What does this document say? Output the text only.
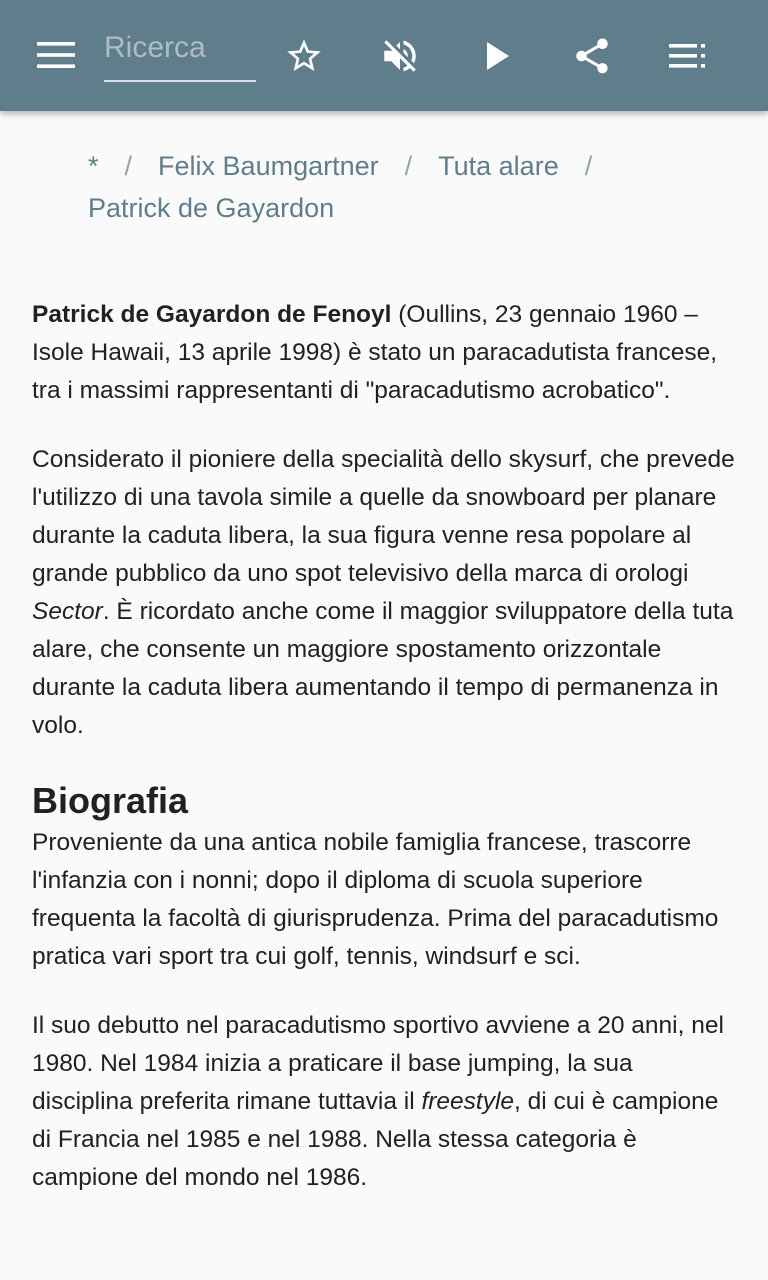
Ricerca
* / Felix Baumgartner / Tuta alare /
Patrick de Gayardon

Patrick de Gayardon de Fenoyl (Oullins, 23 gennaio 1960 – Isole Hawaii, 13 aprile 1998) è stato un paracadutista francese, tra i massimi rappresentanti di "paracadutismo acrobatico".

Considerato il pioniere della specialità dello skysurf, che prevede l'utilizzo di una tavola simile a quelle da snowboard per planare durante la caduta libera, la sua figura venne resa popolare al grande pubblico da uno spot televisivo della marca di orologi Sector. È ricordato anche come il maggior sviluppatore della tuta alare, che consente un maggiore spostamento orizzontale durante la caduta libera aumentando il tempo di permanenza in volo.

Biografia

Proveniente da una antica nobile famiglia francese, trascorre l'infanzia con i nonni; dopo il diploma di scuola superiore frequenta la facoltà di giurisprudenza. Prima del paracadutismo pratica vari sport tra cui golf, tennis, windsurf e sci.

Il suo debutto nel paracadutismo sportivo avviene a 20 anni, nel 1980. Nel 1984 inizia a praticare il base jumping, la sua disciplina preferita rimane tuttavia il freestyle, di cui è campione di Francia nel 1985 e nel 1988. Nella stessa categoria è campione del mondo nel 1986.
